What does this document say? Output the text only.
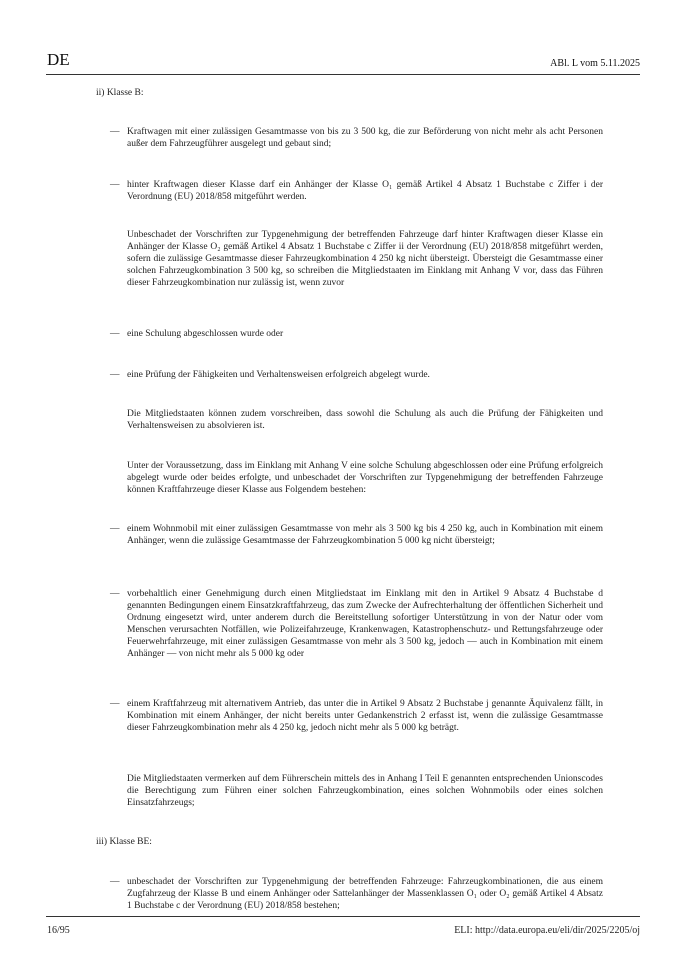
DE	ABl. L vom 5.11.2025
ii) Klasse B:
— Kraftwagen mit einer zulässigen Gesamtmasse von bis zu 3 500 kg, die zur Beförderung von nicht mehr als acht Personen außer dem Fahrzeugführer ausgelegt und gebaut sind;
— hinter Kraftwagen dieser Klasse darf ein Anhänger der Klasse O₁ gemäß Artikel 4 Absatz 1 Buchstabe c Ziffer i der Verordnung (EU) 2018/858 mitgeführt werden.
Unbeschadet der Vorschriften zur Typgenehmigung der betreffenden Fahrzeuge darf hinter Kraftwagen dieser Klasse ein Anhänger der Klasse O₂ gemäß Artikel 4 Absatz 1 Buchstabe c Ziffer ii der Verordnung (EU) 2018/858 mitgeführt werden, sofern die zulässige Gesamtmasse dieser Fahrzeugkombination 4 250 kg nicht übersteigt. Übersteigt die Gesamtmasse einer solchen Fahrzeugkombination 3 500 kg, so schreiben die Mitgliedstaaten im Einklang mit Anhang V vor, dass das Führen dieser Fahrzeugkombination nur zulässig ist, wenn zuvor
— eine Schulung abgeschlossen wurde oder
— eine Prüfung der Fähigkeiten und Verhaltensweisen erfolgreich abgelegt wurde.
Die Mitgliedstaaten können zudem vorschreiben, dass sowohl die Schulung als auch die Prüfung der Fähigkeiten und Verhaltensweisen zu absolvieren ist.
Unter der Voraussetzung, dass im Einklang mit Anhang V eine solche Schulung abgeschlossen oder eine Prüfung erfolgreich abgelegt wurde oder beides erfolgte, und unbeschadet der Vorschriften zur Typgenehmigung der betreffenden Fahrzeuge können Kraftfahrzeuge dieser Klasse aus Folgendem bestehen:
— einem Wohnmobil mit einer zulässigen Gesamtmasse von mehr als 3 500 kg bis 4 250 kg, auch in Kombination mit einem Anhänger, wenn die zulässige Gesamtmasse der Fahrzeugkombination 5 000 kg nicht übersteigt;
— vorbehaltlich einer Genehmigung durch einen Mitgliedstaat im Einklang mit den in Artikel 9 Absatz 4 Buchstabe d genannten Bedingungen einem Einsatzkraftfahrzeug, das zum Zwecke der Aufrechterhaltung der öffentlichen Sicherheit und Ordnung eingesetzt wird, unter anderem durch die Bereitstellung sofortiger Unterstützung in von der Natur oder vom Menschen verursachten Notfällen, wie Polizeifahrzeuge, Krankenwagen, Katastrophenschutz- und Rettungsfahrzeuge oder Feuerwehrfahrzeuge, mit einer zulässigen Gesamtmasse von mehr als 3 500 kg, jedoch — auch in Kombination mit einem Anhänger — von nicht mehr als 5 000 kg oder
— einem Kraftfahrzeug mit alternativem Antrieb, das unter die in Artikel 9 Absatz 2 Buchstabe j genannte Äquivalenz fällt, in Kombination mit einem Anhänger, der nicht bereits unter Gedankenstrich 2 erfasst ist, wenn die zulässige Gesamtmasse dieser Fahrzeugkombination mehr als 4 250 kg, jedoch nicht mehr als 5 000 kg beträgt.
Die Mitgliedstaaten vermerken auf dem Führerschein mittels des in Anhang I Teil E genannten entsprechenden Unionscodes die Berechtigung zum Führen einer solchen Fahrzeugkombination, eines solchen Wohnmobils oder eines solchen Einsatzfahrzeugs;
iii) Klasse BE:
— unbeschadet der Vorschriften zur Typgenehmigung der betreffenden Fahrzeuge: Fahrzeugkombinationen, die aus einem Zugfahrzeug der Klasse B und einem Anhänger oder Sattelanhänger der Massenklassen O₁ oder O₂ gemäß Artikel 4 Absatz 1 Buchstabe c der Verordnung (EU) 2018/858 bestehen;
16/95	ELI: http://data.europa.eu/eli/dir/2025/2205/oj
